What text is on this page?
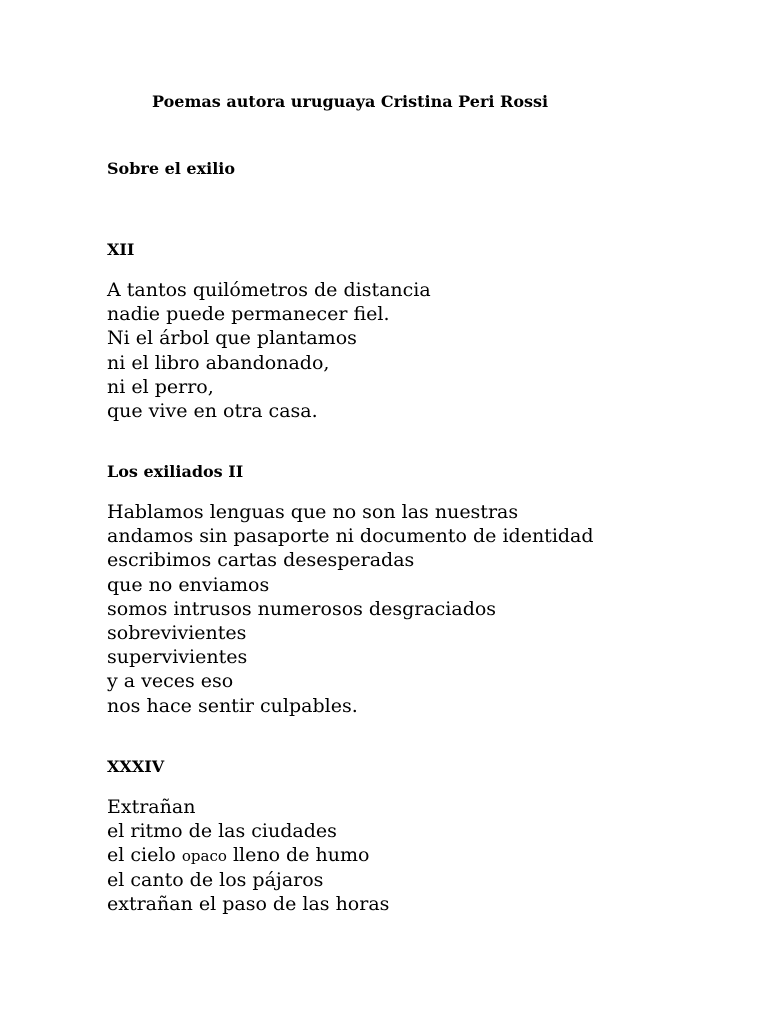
Poemas autora uruguaya Cristina Peri Rossi
Sobre el exilio
XII
A tantos quilómetros de distancia
nadie puede permanecer fiel.
Ni el árbol que plantamos
ni el libro abandonado,
ni el perro,
que vive en otra casa.
Los exiliados II
Hablamos lenguas que no son las nuestras
andamos sin pasaporte ni documento de identidad
escribimos cartas desesperadas
que no enviamos
somos intrusos numerosos desgraciados
sobrevivientes
supervivientes
y a veces eso
nos hace sentir culpables.
XXXIV
Extrañan
el ritmo de las ciudades
el cielo opaco lleno de humo
el canto de los pájaros
extrañan el paso de las horas
